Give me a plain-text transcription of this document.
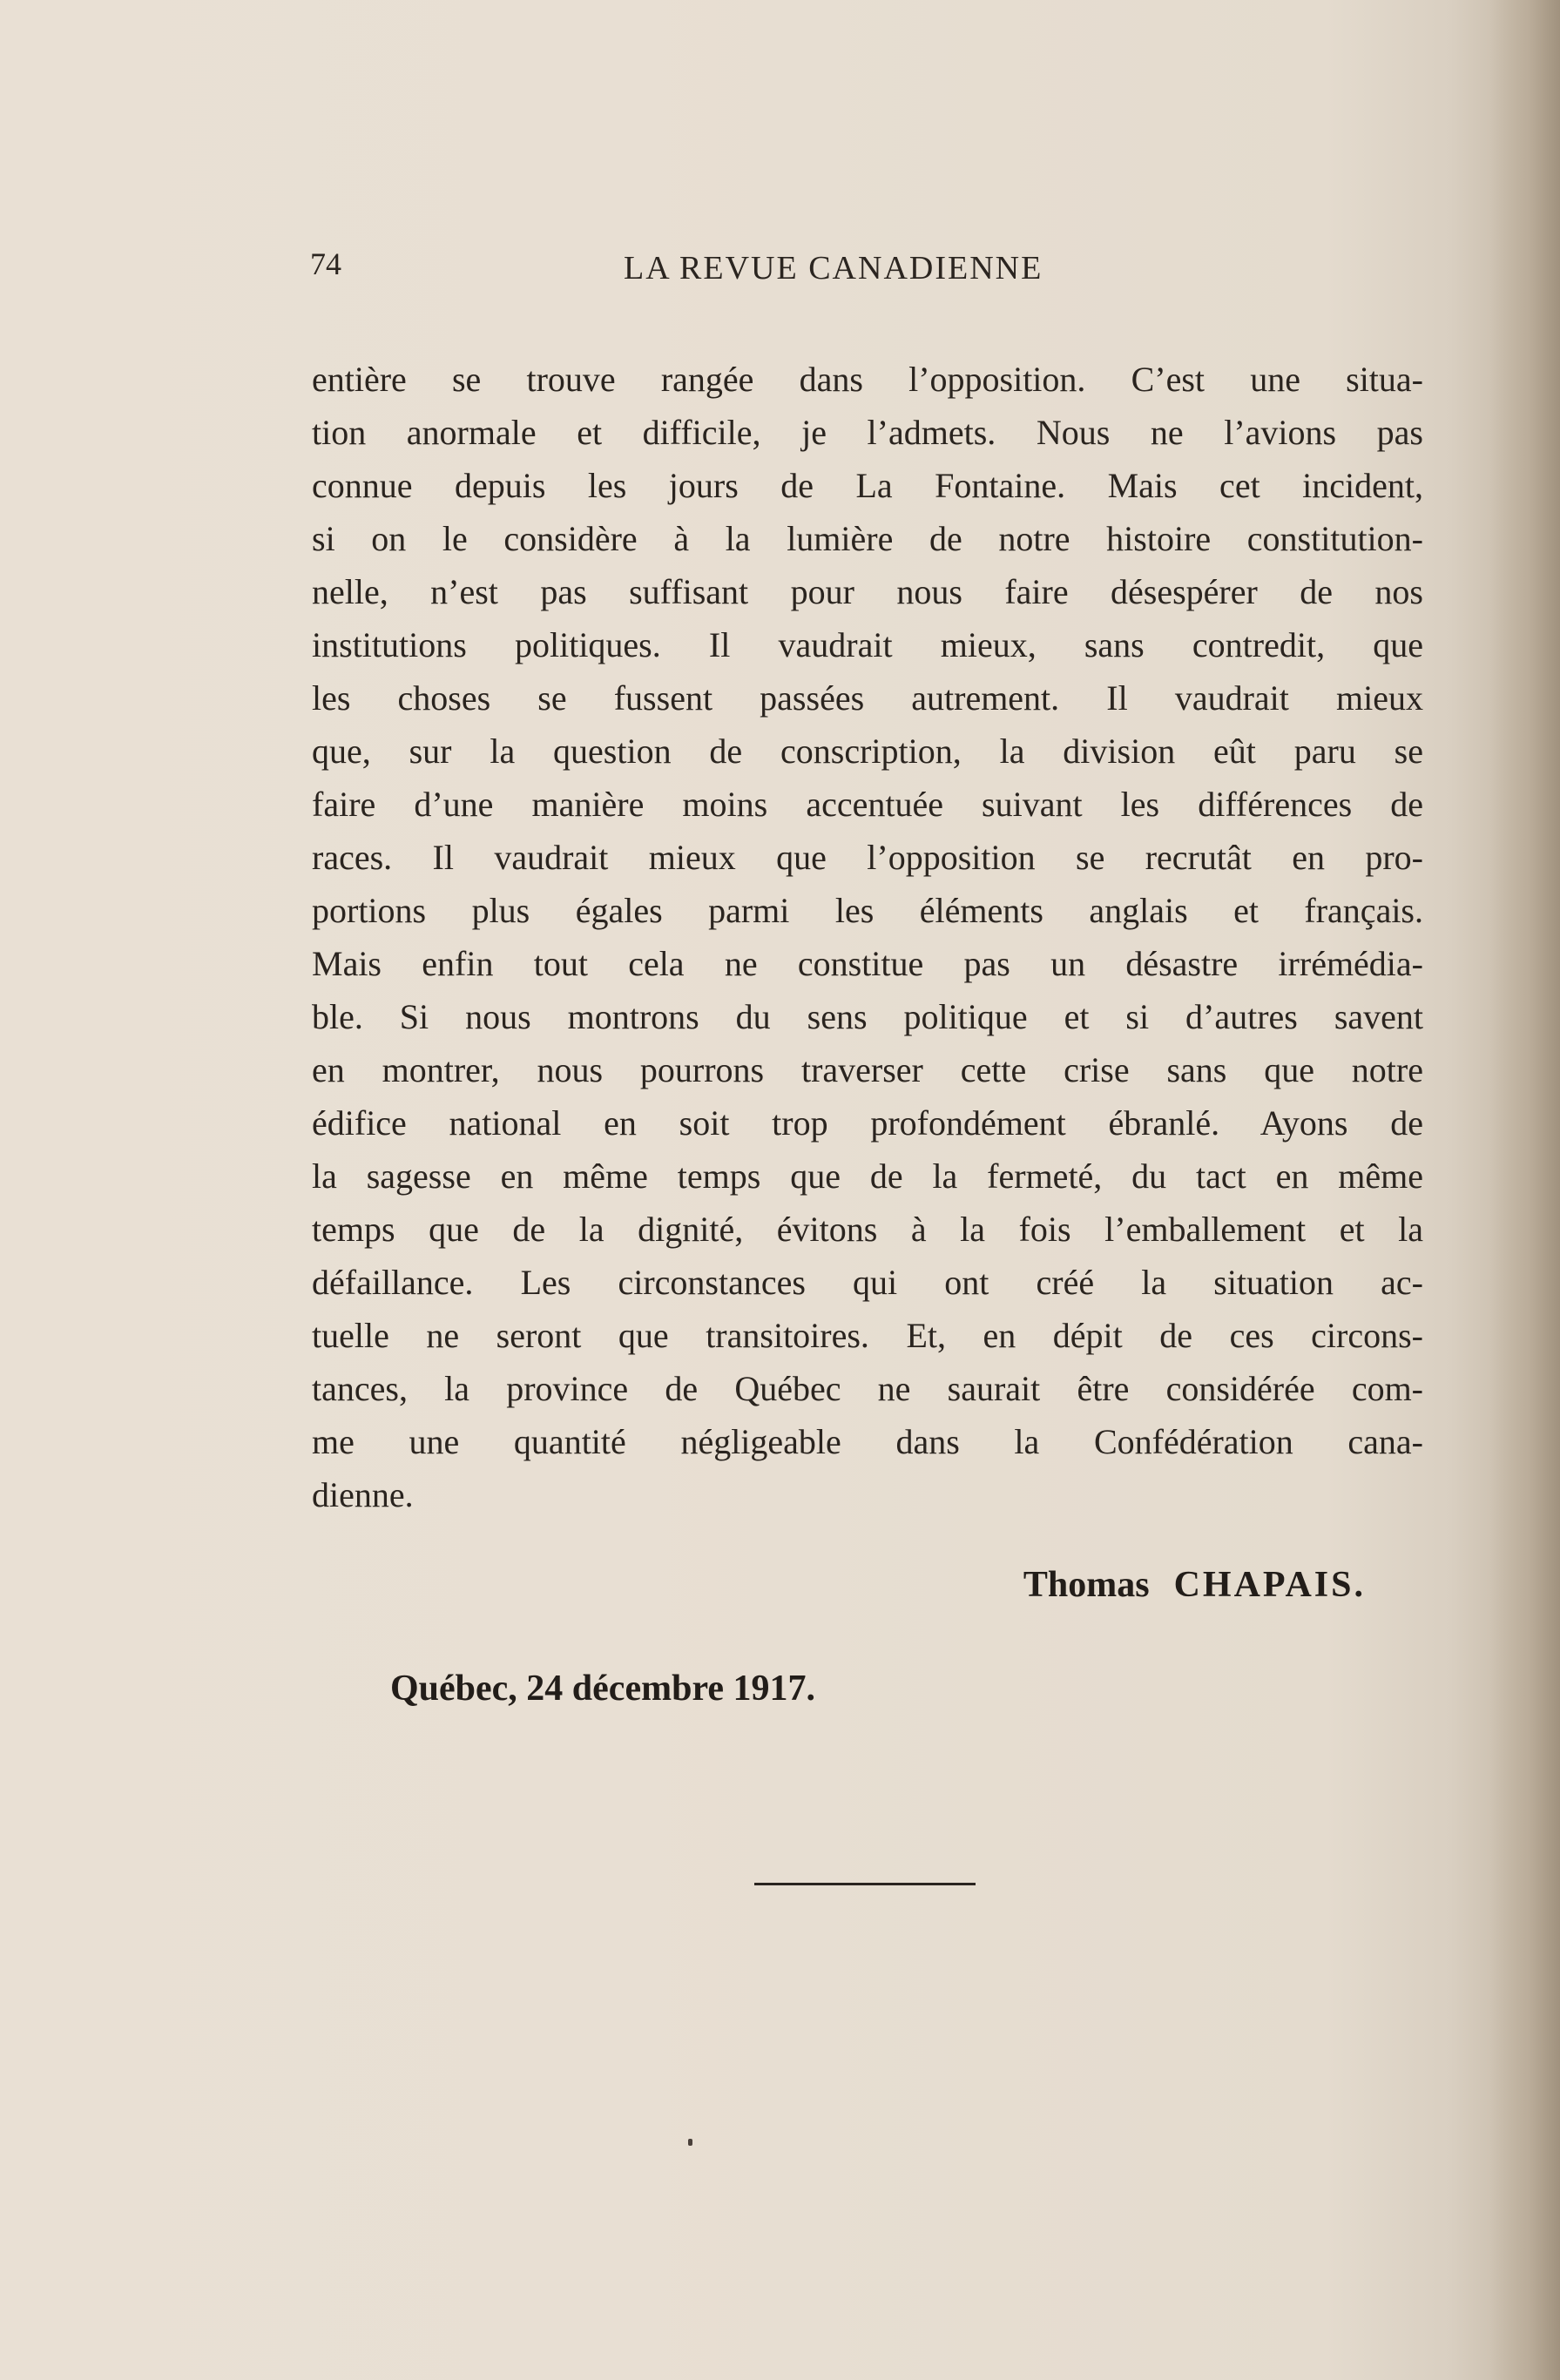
74	LA REVUE CANADIENNE
entière se trouve rangée dans l’opposition. C’est une situa-
tion anormale et difficile, je l’admets. Nous ne l’avions pas
connue depuis les jours de La Fontaine. Mais cet incident,
si on le considère à la lumière de notre histoire constitution-
nelle, n’est pas suffisant pour nous faire désespérer de nos
institutions politiques. Il vaudrait mieux, sans contredit, que
les choses se fussent passées autrement. Il vaudrait mieux
que, sur la question de conscription, la division eût paru se
faire d’une manière moins accentuée suivant les différences de
races. Il vaudrait mieux que l’opposition se recrutât en pro-
portions plus égales parmi les éléments anglais et français.
Mais enfin tout cela ne constitue pas un désastre irrémédia-
ble. Si nous montrons du sens politique et si d’autres savent
en montrer, nous pourrons traverser cette crise sans que notre
édifice national en soit trop profondément ébranlé. Ayons de
la sagesse en même temps que de la fermeté, du tact en même
temps que de la dignité, évitons à la fois l’emballement et la
défaillance. Les circonstances qui ont créé la situation ac-
tuelle ne seront que transitoires. Et, en dépit de ces circons-
tances, la province de Québec ne saurait être considérée com-
me une quantité négligeable dans la Confédération cana-
dienne.
Thomas CHAPAIS.
Québec, 24 décembre 1917.
